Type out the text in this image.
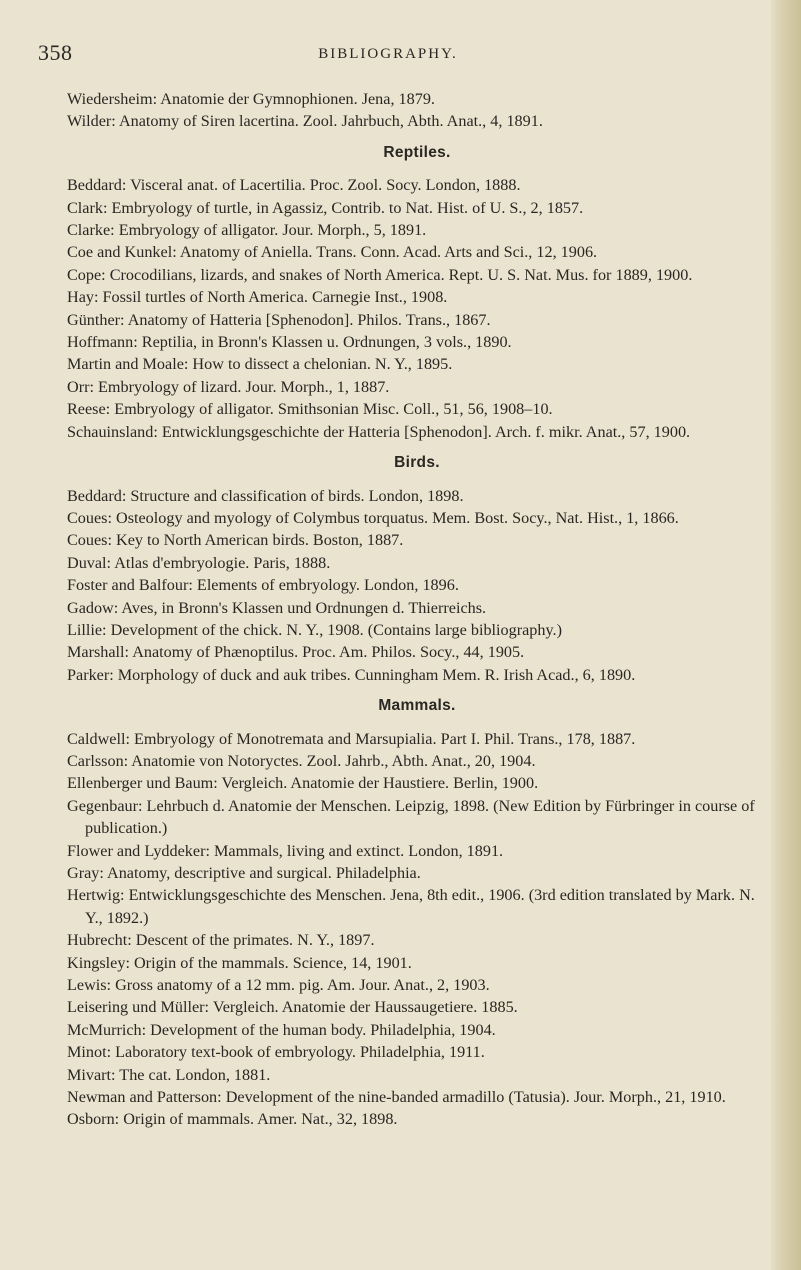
358	BIBLIOGRAPHY.
Wiedersheim: Anatomie der Gymnophionen. Jena, 1879.
Wilder: Anatomy of Siren lacertina. Zool. Jahrbuch, Abth. Anat., 4, 1891.
Reptiles.
Beddard: Visceral anat. of Lacertilia. Proc. Zool. Socy. London, 1888.
Clark: Embryology of turtle, in Agassiz, Contrib. to Nat. Hist. of U. S., 2, 1857.
Clarke: Embryology of alligator. Jour. Morph., 5, 1891.
Coe and Kunkel: Anatomy of Aniella. Trans. Conn. Acad. Arts and Sci., 12, 1906.
Cope: Crocodilians, lizards, and snakes of North America. Rept. U. S. Nat. Mus. for 1889, 1900.
Hay: Fossil turtles of North America. Carnegie Inst., 1908.
Günther: Anatomy of Hatteria [Sphenodon]. Philos. Trans., 1867.
Hoffmann: Reptilia, in Bronn's Klassen u. Ordnungen, 3 vols., 1890.
Martin and Moale: How to dissect a chelonian. N. Y., 1895.
Orr: Embryology of lizard. Jour. Morph., 1, 1887.
Reese: Embryology of alligator. Smithsonian Misc. Coll., 51, 56, 1908–10.
Schauinsland: Entwicklungsgeschichte der Hatteria [Sphenodon]. Arch. f. mikr. Anat., 57, 1900.
Birds.
Beddard: Structure and classification of birds. London, 1898.
Coues: Osteology and myology of Colymbus torquatus. Mem. Bost. Socy., Nat. Hist., 1, 1866.
Coues: Key to North American birds. Boston, 1887.
Duval: Atlas d'embryologie. Paris, 1888.
Foster and Balfour: Elements of embryology. London, 1896.
Gadow: Aves, in Bronn's Klassen und Ordnungen d. Thierreichs.
Lillie: Development of the chick. N. Y., 1908. (Contains large bibliography.)
Marshall: Anatomy of Phænoptilus. Proc. Am. Philos. Socy., 44, 1905.
Parker: Morphology of duck and auk tribes. Cunningham Mem. R. Irish Acad., 6, 1890.
Mammals.
Caldwell: Embryology of Monotremata and Marsupialia. Part I. Phil. Trans., 178, 1887.
Carlsson: Anatomie von Notoryctes. Zool. Jahrb., Abth. Anat., 20, 1904.
Ellenberger und Baum: Vergleich. Anatomie der Haustiere. Berlin, 1900.
Gegenbaur: Lehrbuch d. Anatomie der Menschen. Leipzig, 1898. (New Edition by Fürbringer in course of publication.)
Flower and Lyddeker: Mammals, living and extinct. London, 1891.
Gray: Anatomy, descriptive and surgical. Philadelphia.
Hertwig: Entwicklungsgeschichte des Menschen. Jena, 8th edit., 1906. (3rd edition translated by Mark. N. Y., 1892.)
Hubrecht: Descent of the primates. N. Y., 1897.
Kingsley: Origin of the mammals. Science, 14, 1901.
Lewis: Gross anatomy of a 12 mm. pig. Am. Jour. Anat., 2, 1903.
Leisering und Müller: Vergleich. Anatomie der Haussaugetiere. 1885.
McMurrich: Development of the human body. Philadelphia, 1904.
Minot: Laboratory text-book of embryology. Philadelphia, 1911.
Mivart: The cat. London, 1881.
Newman and Patterson: Development of the nine-banded armadillo (Tatusia). Jour. Morph., 21, 1910.
Osborn: Origin of mammals. Amer. Nat., 32, 1898.
